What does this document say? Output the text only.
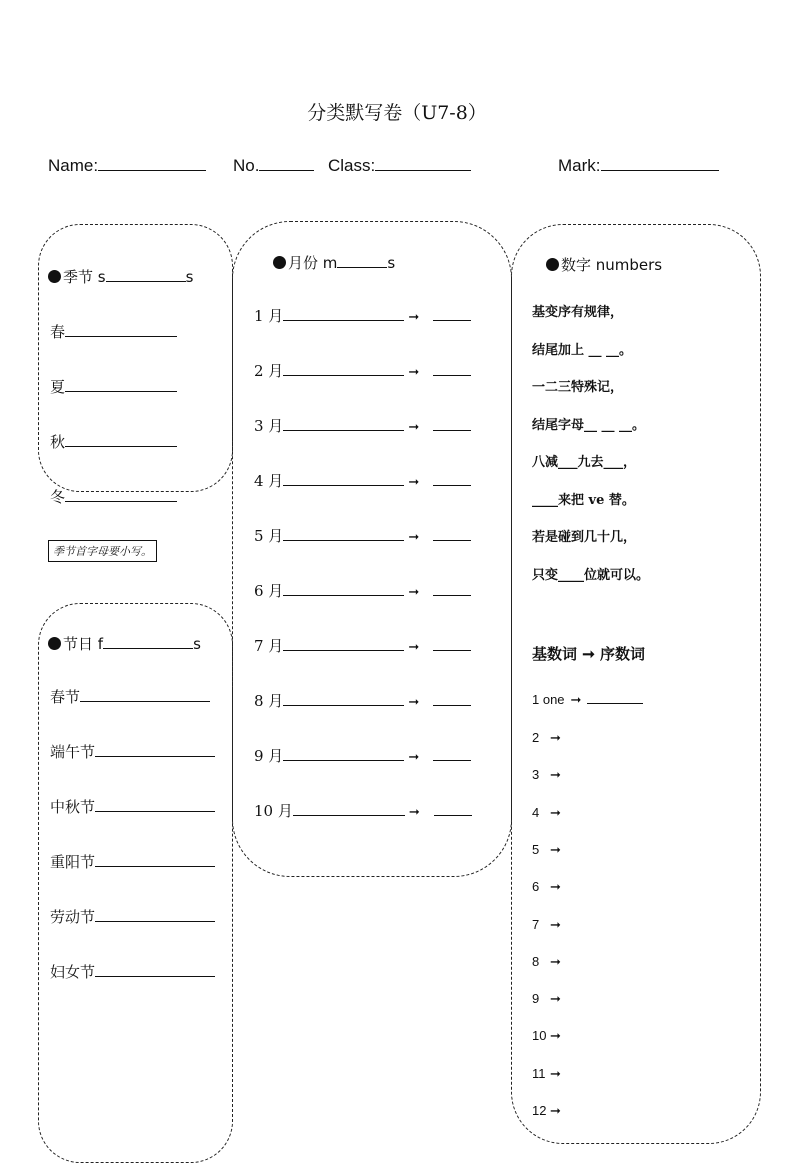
分类默写卷（U7-8）
Name:	No.	Class:	Mark:
季节 s	s
春
夏
秋
冬
季节首字母要小写。
节日 f	s
春节
端午节
中秋节
重阳节
劳动节
妇女节
月份 m	s
1 月	➞
2 月	➞
3 月	➞
4 月	➞
5 月	➞
6 月	➞
7 月	➞
8 月	➞
9 月	➞
10 月	➞
数字 numbers
基变序有规律，
结尾加上 __ __。
一二三特殊记，
结尾字母__ __ __。
八减___九去___，
____来把 ve 替。
若是碰到几十几，
只变____位就可以。
基数词 ➞ 序数词
1 one ➞
2 ➞
3 ➞
4 ➞
5 ➞
6 ➞
7 ➞
8 ➞
9 ➞
10 ➞
11 ➞
12 ➞
